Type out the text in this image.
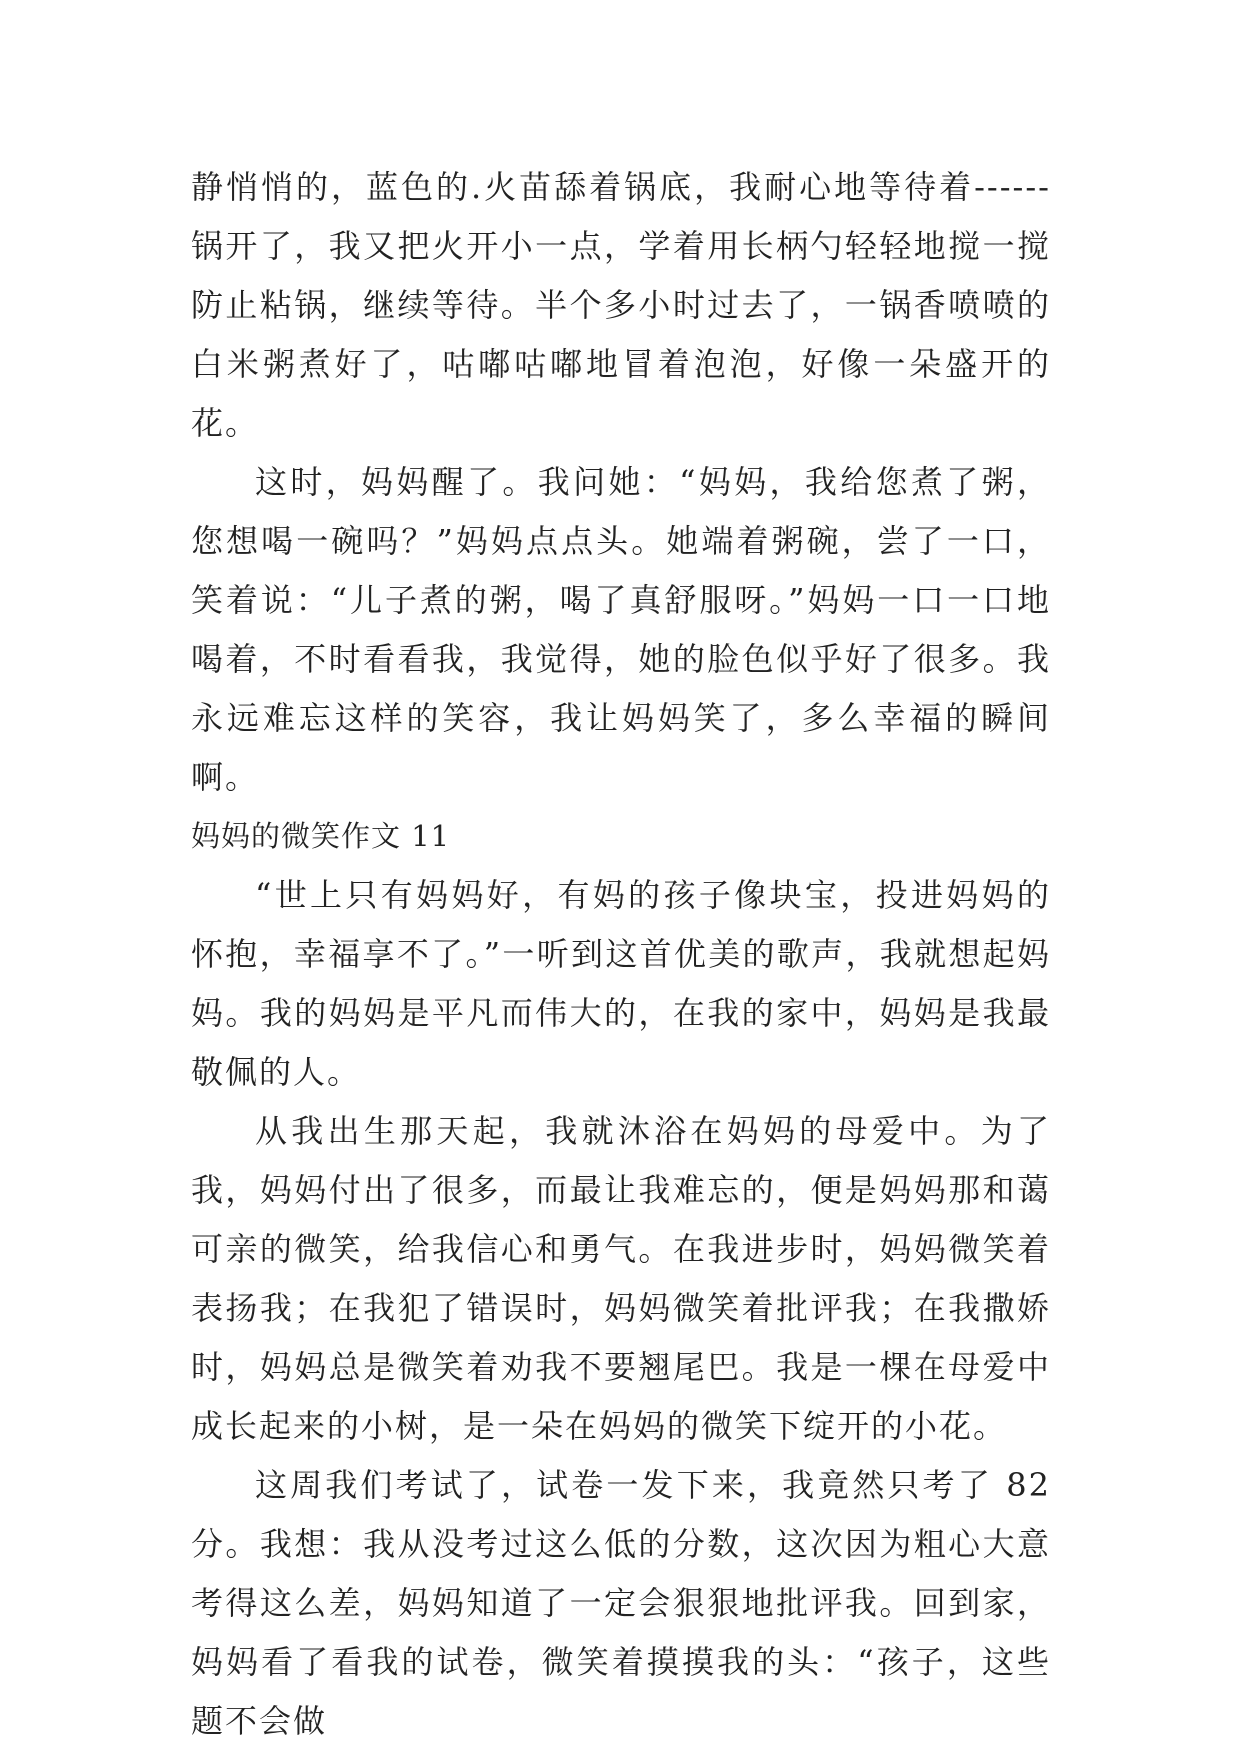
静悄悄的，蓝色的.火苗舔着锅底，我耐心地等待着------锅开了，我又把火开小一点，学着用长柄勺轻轻地搅一搅防止粘锅，继续等待。半个多小时过去了，一锅香喷喷的白米粥煮好了，咕嘟咕嘟地冒着泡泡，好像一朵盛开的花。

这时，妈妈醒了。我问她：“妈妈，我给您煮了粥，您想喝一碗吗？”妈妈点点头。她端着粥碗，尝了一口，笑着说：“儿子煮的粥，喝了真舒服呀。”妈妈一口一口地喝着，不时看看我，我觉得，她的脸色似乎好了很多。我永远难忘这样的笑容，我让妈妈笑了，多么幸福的瞬间啊。

妈妈的微笑作文 11

“世上只有妈妈好，有妈的孩子像块宝，投进妈妈的怀抱，幸福享不了。”一听到这首优美的歌声，我就想起妈妈。我的妈妈是平凡而伟大的，在我的家中，妈妈是我最敬佩的人。

从我出生那天起，我就沐浴在妈妈的母爱中。为了我，妈妈付出了很多，而最让我难忘的，便是妈妈那和蔼可亲的微笑，给我信心和勇气。在我进步时，妈妈微笑着表扬我；在我犯了错误时，妈妈微笑着批评我；在我撒娇时，妈妈总是微笑着劝我不要翘尾巴。我是一棵在母爱中成长起来的小树，是一朵在妈妈的微笑下绽开的小花。

这周我们考试了，试卷一发下来，我竟然只考了 82 分。我想：我从没考过这么低的分数，这次因为粗心大意考得这么差，妈妈知道了一定会狠狠地批评我。回到家，妈妈看了看我的试卷，微笑着摸摸我的头：“孩子，这些题不会做
